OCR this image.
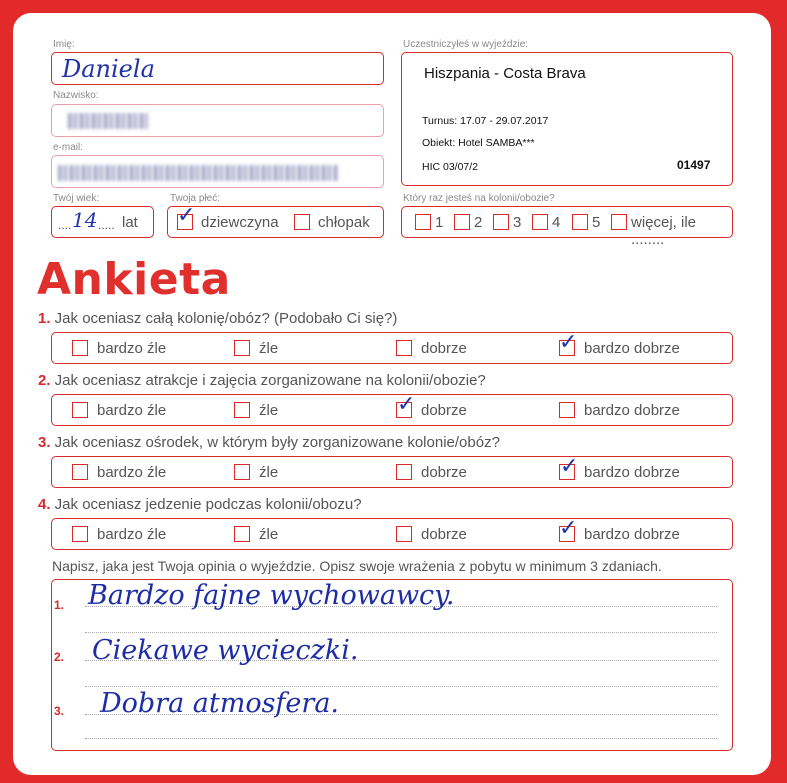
Imię:
Daniela
Nazwisko:
e-mail:
Twój wiek:
.... 14 ..... lat
Twoja płeć:
✓ dziewczyna	chłopak
Uczestniczyłeś w wyjeździe:
Hiszpania - Costa Brava
Turnus: 17.07 - 29.07.2017
Obiekt: Hotel SAMBA***
HIC 03/07/2	01497
Który raz jesteś na kolonii/obozie?
1 2 3 4 5 więcej, ile ........
Ankieta
1. Jak oceniasz całą kolonię/obóz? (Podobało Ci się?)
bardzo źle	źle	dobrze	bardzo dobrze
✓
2. Jak oceniasz atrakcje i zajęcia zorganizowane na kolonii/obozie?
bardzo źle	źle	dobrze	bardzo dobrze
✓
3. Jak oceniasz ośrodek, w którym były zorganizowane kolonie/obóz?
bardzo źle	źle	dobrze	bardzo dobrze
✓
4. Jak oceniasz jedzenie podczas kolonii/obozu?
bardzo źle	źle	dobrze	bardzo dobrze
✓
Napisz, jaka jest Twoja opinia o wyjeździe. Opisz swoje wrażenia z pobytu w minimum 3 zdaniach.
1. Bardzo fajne wychowawcy.
2. Ciekawe wycieczki.
3. Dobra atmosfera.
